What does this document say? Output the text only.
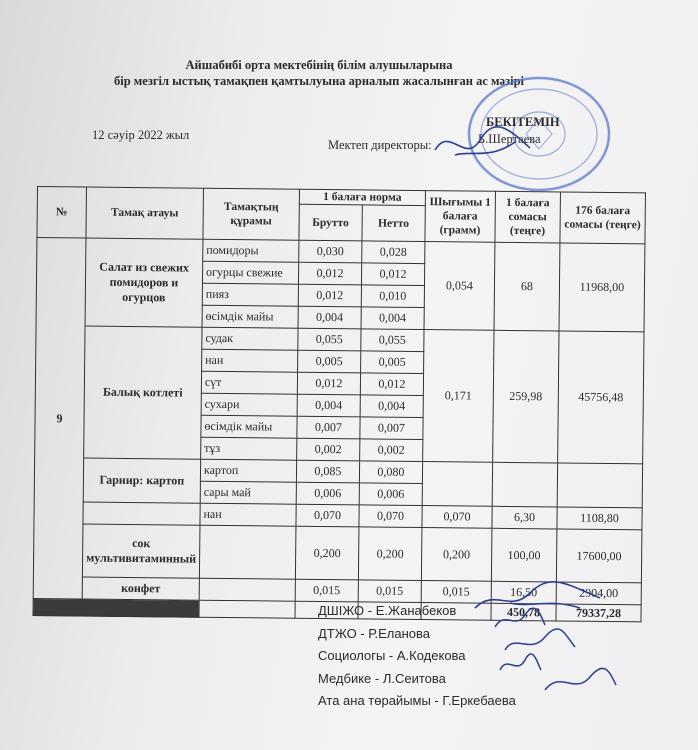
Айшабибі орта мектебінің білім алушыларына
бір мезгіл ыстық тамақпен қамтылуына арналып жасалынған ас мәзірі
12 сәуір 2022 жыл
БЕКІТЕМІН
Б.Шертаева
Мектеп директоры:
№	Тамақ атауы	Тамақтың құрамы	1 балаға норма		Шығымы 1 балаға (грамм)	1 балаға сомасы (теңге)	176 балаға сомасы (теңге)
			Брутто	Нетто			
9	Салат из свежих помидоров и огурцов	помидоры	0,030	0,028	0,054	68	11968,00
		огурцы свежие	0,012	0,012			
		пияз	0,012	0,010			
		өсімдік майы	0,004	0,004			
	Балық котлеті	судак	0,055	0,055	0,171	259,98	45756,48
		нан	0,005	0,005			
		сүт	0,012	0,012			
		сухари	0,004	0,004			
		өсімдік майы	0,007	0,007			
		тұз	0,002	0,002			
	Гарнир: картоп	картоп	0,085	0,080			
		сары май	0,006	0,006			
		нан	0,070	0,070	0,070	6,30	1108,80
	сок мультивитаминный		0,200	0,200	0,200	100,00	17600,00
	конфет		0,015	0,015	0,015	16,50	2904,00
						450,78	79337,28
ДШІЖО - Е.Жанабеков
ДТЖО - Р.Еланова
Социологы - А.Кодекова
Медбике - Л.Сеитова
Ата ана төрайымы - Г.Еркебаева
